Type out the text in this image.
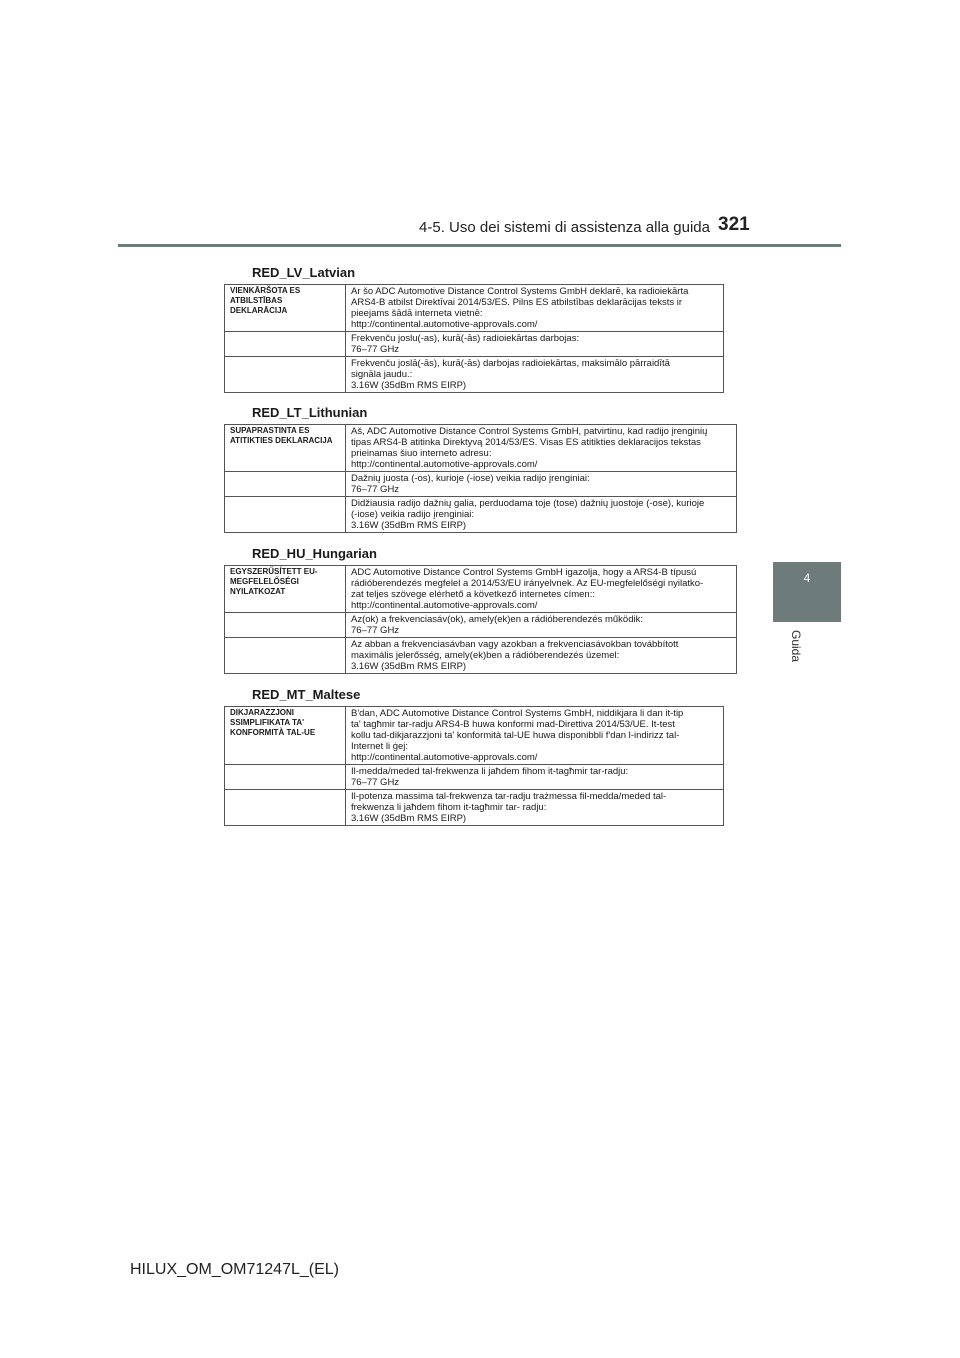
4-5. Uso dei sistemi di assistenza alla guida 321
4
Guida
RED_LV_Latvian
VIENKĀRŠOTA ES ATBILSTĪBAS DEKLARĀCIJA	Ar šo ADC Automotive Distance Control Systems GmbH deklarē, ka radioiekārta
ARS4-B atbilst Direktīvai 2014/53/ES. Pilns ES atbilstības deklarācijas teksts ir
pieejams šādā interneta vietnē:
http://continental.automotive-approvals.com/

	Frekvenču joslu(-as), kurā(-ās) radioiekārtas darbojas:
76–77 GHz

	Frekvenču joslā(-ās), kurā(-ās) darbojas radioiekārtas, maksimālo pārraidītā
signāla jaudu.:
3.16W (35dBm RMS EIRP)
RED_LT_Lithunian
SUPAPRASTINTA ES ATITIKTIES DEKLARACIJA	Aš, ADC Automotive Distance Control Systems GmbH, patvirtinu, kad radijo įrenginių
tipas ARS4-B atitinka Direktyvą 2014/53/ES. Visas ES atitikties deklaracijos tekstas
prieinamas šiuo interneto adresu:
http://continental.automotive-approvals.com/

	Dažnių juosta (-os), kurioje (-iose) veikia radijo įrenginiai:
76–77 GHz

	Didžiausia radijo dažnių galia, perduodama toje (tose) dažnių juostoje (-ose), kurioje
(-iose) veikia radijo įrenginiai:
3.16W (35dBm RMS EIRP)
RED_HU_Hungarian
EGYSZERŰSÍTETT EU-MEGFELELŐSÉGI NYILATKOZAT	ADC Automotive Distance Control Systems GmbH igazolja, hogy a ARS4-B típusú
rádióberendezés megfelel a 2014/53/EU irányelvnek. Az EU-megfelelőségi nyilatko-
zat teljes szövege elérhető a következő internetes címen::
http://continental.automotive-approvals.com/

	Az(ok) a frekvenciasáv(ok), amely(ek)en a rádióberendezés működik:
76–77 GHz

	Az abban a frekvenciasávban vagy azokban a frekvenciasávokban továbbított
maximális jelerősség, amely(ek)ben a rádióberendezés üzemel:
3.16W (35dBm RMS EIRP)
RED_MT_Maltese
DIKJARAZZJONI SSIMPLIFIKATA TA' KONFORMITÀ TAL-UE	B'dan, ADC Automotive Distance Control Systems GmbH, niddikjara li dan it-tip
ta' tagħmir tar-radju ARS4-B huwa konformi mad-Direttiva 2014/53/UE. It-test
kollu tad-dikjarazzjoni ta' konformità tal-UE huwa disponibbli f'dan l-indirizz tal-
Internet li ġej:
http://continental.automotive-approvals.com/

	Il-medda/meded tal-frekwenza li jaħdem fihom it-tagħmir tar-radju:
76–77 GHz

	Il-potenza massima tal-frekwenza tar-radju trażmessa fil-medda/meded tal-
frekwenza li jaħdem fihom it-tagħmir tar- radju:
3.16W (35dBm RMS EIRP)
HILUX_OM_OM71247L_(EL)
